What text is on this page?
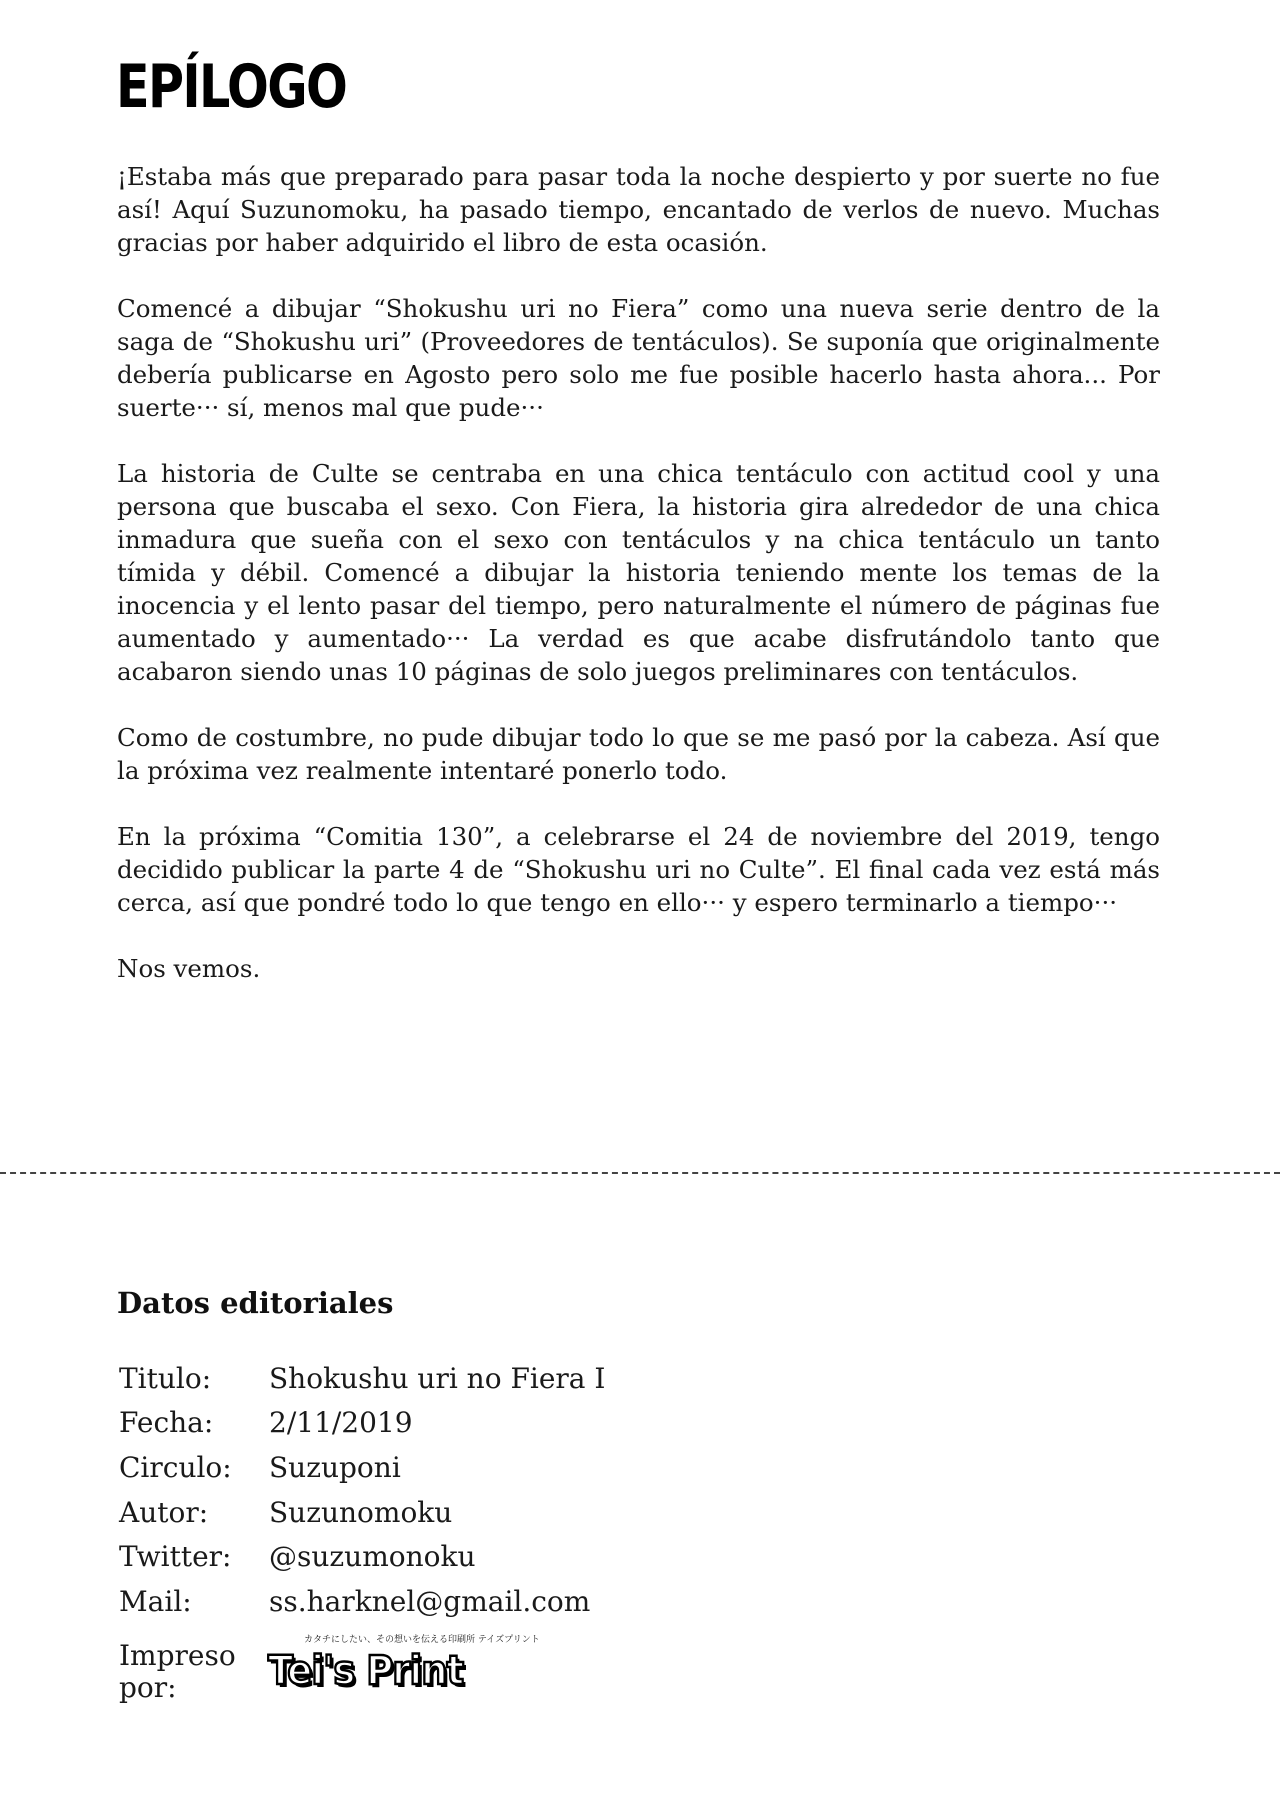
EPÍLOGO

¡Estaba más que preparado para pasar toda la noche despierto y por suerte no fue así! Aquí Suzunomoku, ha pasado tiempo, encantado de verlos de nuevo. Muchas gracias por haber adquirido el libro de esta ocasión.

Comencé a dibujar “Shokushu uri no Fiera” como una nueva serie dentro de la saga de “Shokushu uri” (Proveedores de tentáculos). Se suponía que originalmente debería publicarse en Agosto pero solo me fue posible hacerlo hasta ahora... Por suerte··· sí, menos mal que pude···

La historia de Culte se centraba en una chica tentáculo con actitud cool y una persona que buscaba el sexo. Con Fiera, la historia gira alrededor de una chica inmadura que sueña con el sexo con tentáculos y na chica tentáculo un tanto tímida y débil. Comencé a dibujar la historia teniendo mente los temas de la inocencia y el lento pasar del tiempo, pero naturalmente el número de páginas fue aumentado y aumentado··· La verdad es que acabe disfrutándolo tanto que acabaron siendo unas 10 páginas de solo juegos preliminares con tentáculos.

Como de costumbre, no pude dibujar todo lo que se me pasó por la cabeza. Así que la próxima vez realmente intentaré ponerlo todo.

En la próxima “Comitia 130”, a celebrarse el 24 de noviembre del 2019, tengo decidido publicar la parte 4 de “Shokushu uri no Culte”. El final cada vez está más cerca, así que pondré todo lo que tengo en ello··· y espero terminarlo a tiempo···

Nos vemos.

Datos editoriales
Titulo:	Shokushu uri no Fiera I
Fecha:	2/11/2019
Circulo:	Suzuponi
Autor:	Suzunomoku
Twitter:	@suzumonoku
Mail:	ss.harknel@gmail.com
Impreso
por:
カタチにしたい、その想いを伝える印刷所 テイズプリント
Tei's Print
